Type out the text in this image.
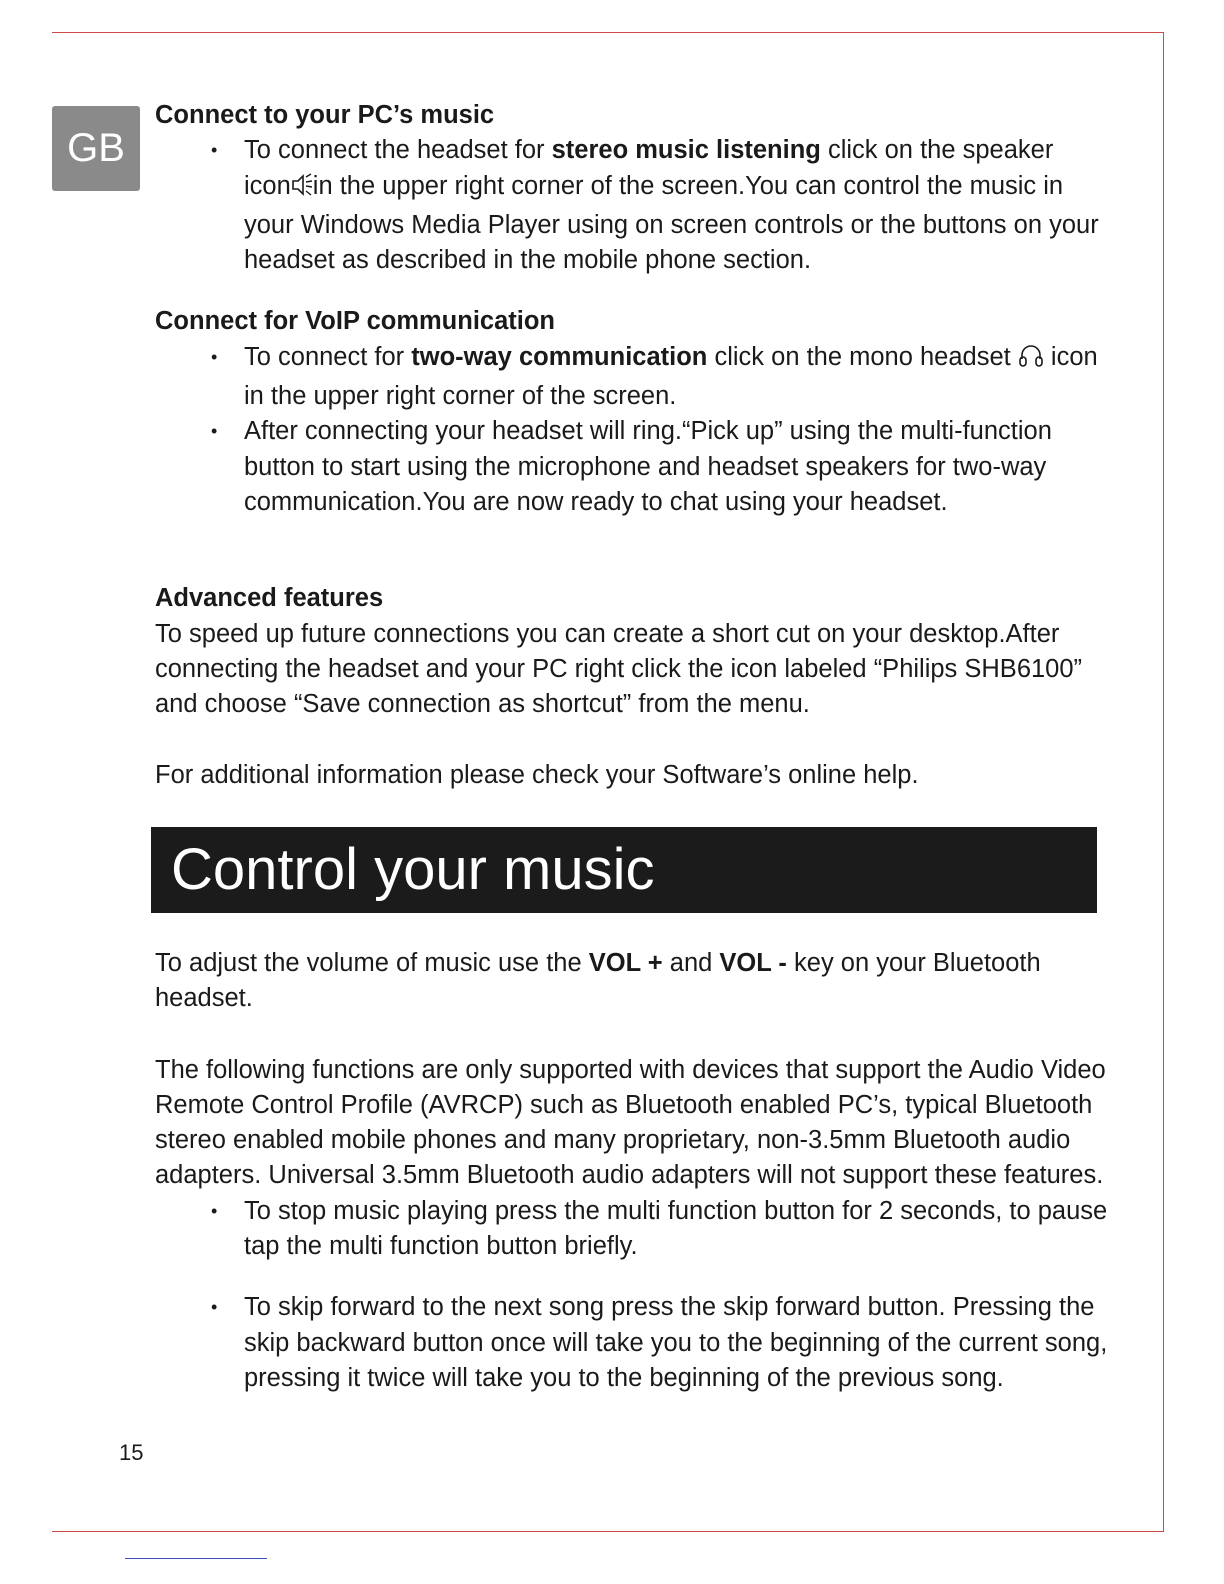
GB

Connect to your PC’s music

• To connect the headset for stereo music listening click on the speaker icon in the upper right corner of the screen.You can control the music in your Windows Media Player using on screen controls or the buttons on your headset as described in the mobile phone section.

Connect for VoIP communication

• To connect for two-way communication click on the mono headset  icon in the upper right corner of the screen.
• After connecting your headset will ring.“Pick up” using the multi-function button to start using the microphone and headset speakers for two-way communication.You are now ready to chat using your headset.

Advanced features

To speed up future connections you can create a short cut on your desktop.After connecting the headset and your PC right click the icon labeled “Philips SHB6100” and choose “Save connection as shortcut” from the menu.

For additional information please check your Software’s online help.

Control your music

To adjust the volume of music use the VOL + and VOL - key on your Bluetooth headset.

The following functions are only supported with devices that support the Audio Video Remote Control Profile (AVRCP) such as Bluetooth enabled PC’s, typical Bluetooth stereo enabled mobile phones and many proprietary, non-3.5mm Bluetooth audio adapters. Universal 3.5mm Bluetooth audio adapters will not support these features.

• To stop music playing press the multi function button for 2 seconds, to pause tap the multi function button briefly.
• To skip forward to the next song press the skip forward button. Pressing the skip backward button once will take you to the beginning of the current song, pressing it twice will take you to the beginning of the previous song.
15
